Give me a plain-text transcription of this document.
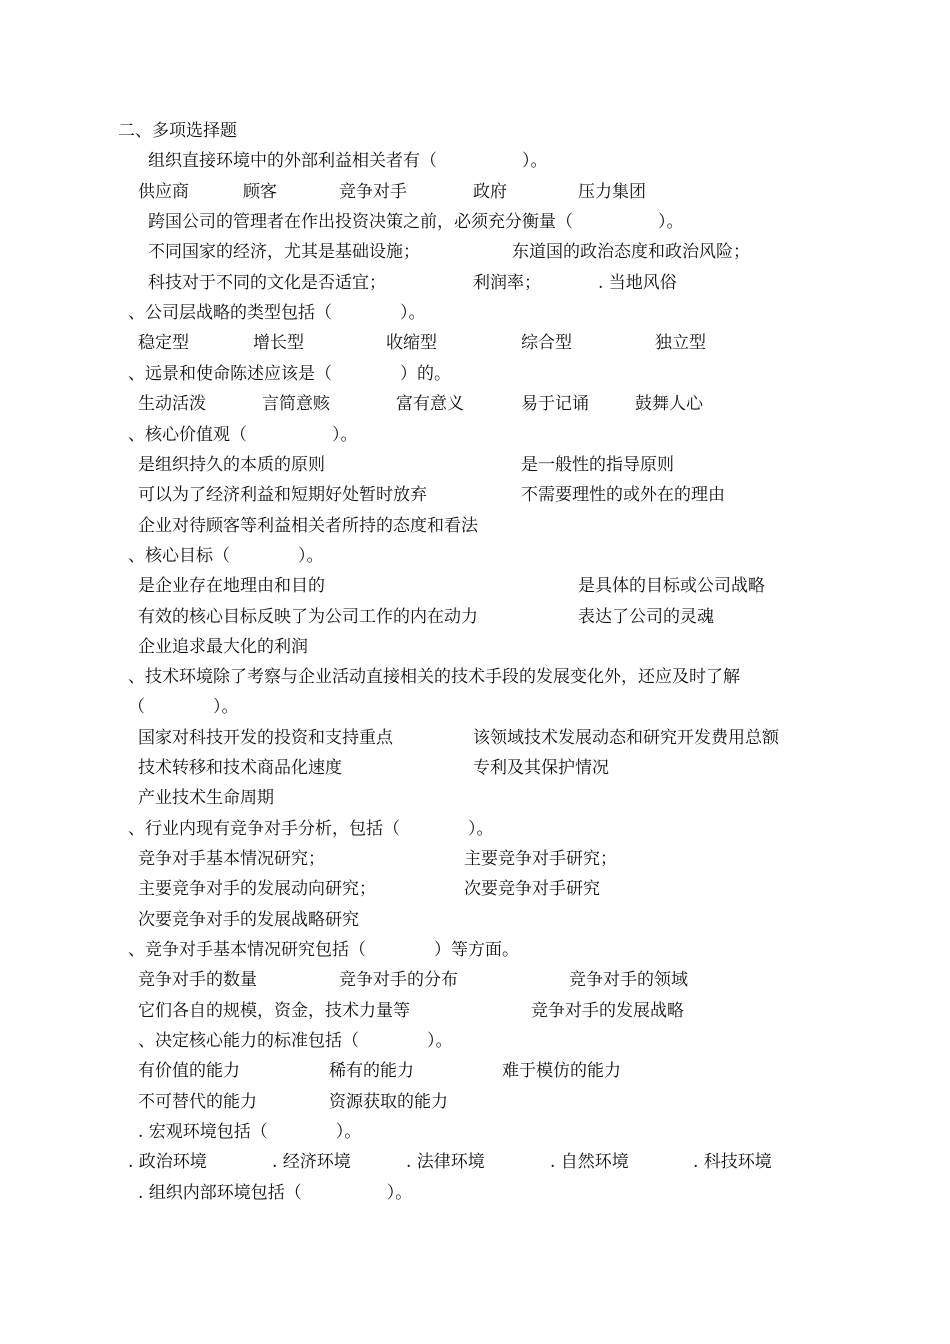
二、多项选择题
组织直接环境中的外部利益相关者有（　　　　　）。
供应商	顾客	竞争对手	政府	压力集团
跨国公司的管理者在作出投资决策之前，必须充分衡量（　　　　　）。
不同国家的经济，尤其是基础设施；	东道国的政治态度和政治风险；
科技对于不同的文化是否适宜；	利润率；	. 当地风俗
、公司层战略的类型包括（　　　　）。
稳定型	增长型	收缩型	综合型	独立型
、远景和使命陈述应该是（　　　　）的。
生动活泼	言简意赅	富有意义	易于记诵	鼓舞人心
、核心价值观（　　　　　）。
是组织持久的本质的原则	是一般性的指导原则
可以为了经济利益和短期好处暂时放弃	不需要理性的或外在的理由
企业对待顾客等利益相关者所持的态度和看法
、核心目标（　　　　）。
是企业存在地理由和目的	是具体的目标或公司战略
有效的核心目标反映了为公司工作的内在动力	表达了公司的灵魂
企业追求最大化的利润
、技术环境除了考察与企业活动直接相关的技术手段的发展变化外，还应及时了解
（　　　　）。
国家对科技开发的投资和支持重点	该领域技术发展动态和研究开发费用总额
技术转移和技术商品化速度	专利及其保护情况
产业技术生命周期
、行业内现有竞争对手分析，包括（　　　　）。
竞争对手基本情况研究；	主要竞争对手研究；
主要竞争对手的发展动向研究；	次要竞争对手研究
次要竞争对手的发展战略研究
、竞争对手基本情况研究包括（　　　　）等方面。
竞争对手的数量	竞争对手的分布	竞争对手的领域
它们各自的规模，资金，技术力量等	竞争对手的发展战略
、决定核心能力的标准包括（　　　　）。
有价值的能力	稀有的能力	难于模仿的能力
不可替代的能力	资源获取的能力
. 宏观环境包括（　　　　）。
. 政治环境	. 经济环境	. 法律环境	. 自然环境	. 科技环境
. 组织内部环境包括（　　　　　）。
